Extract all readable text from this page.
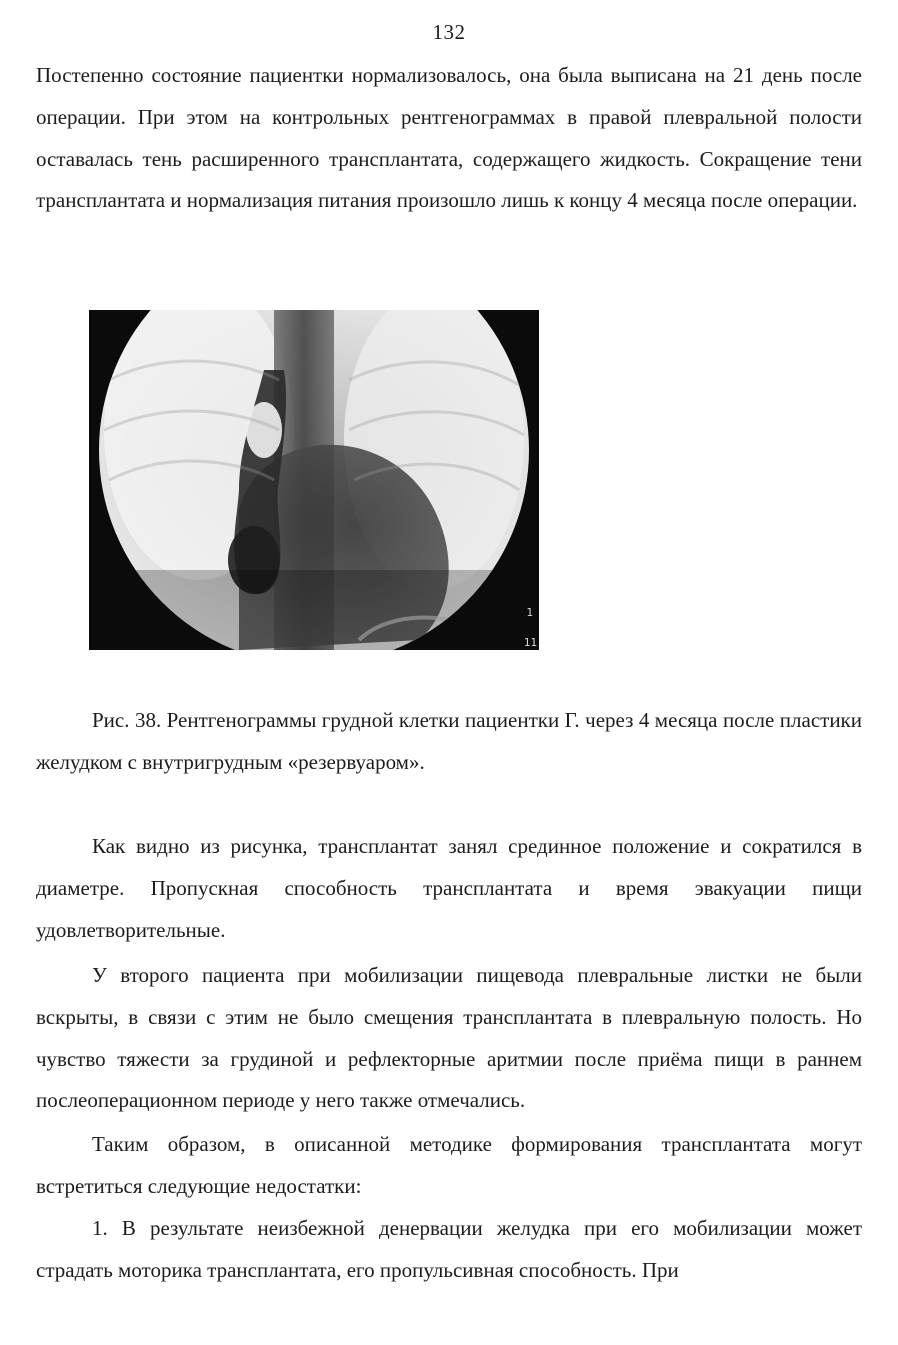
132

Постепенно состояние пациентки нормализовалось, она была выписана на 21 день после операции. При этом на контрольных рентгенограммах в правой плевральной полости оставалась тень расширенного трансплантата, содержащего жидкость. Сокращение тени трансплантата и нормализация питания произошло лишь к концу 4 месяца после операции.

1
11

Рис. 38. Рентгенограммы грудной клетки пациентки Г. через 4 месяца после пластики желудком с внутригрудным «резервуаром».

Как видно из рисунка, трансплантат занял срединное положение и сократился в диаметре. Пропускная способность трансплантата и время эвакуации пищи удовлетворительные.

У второго пациента при мобилизации пищевода плевральные листки не были вскрыты, в связи с этим не было смещения трансплантата в плевральную полость. Но чувство тяжести за грудиной и рефлекторные аритмии после приёма пищи в раннем послеоперационном периоде у него также отмечались.

Таким образом, в описанной методике формирования трансплантата могут встретиться следующие недостатки:

1. В результате неизбежной денервации желудка при его мобилизации может страдать моторика трансплантата, его пропульсивная способность. При
